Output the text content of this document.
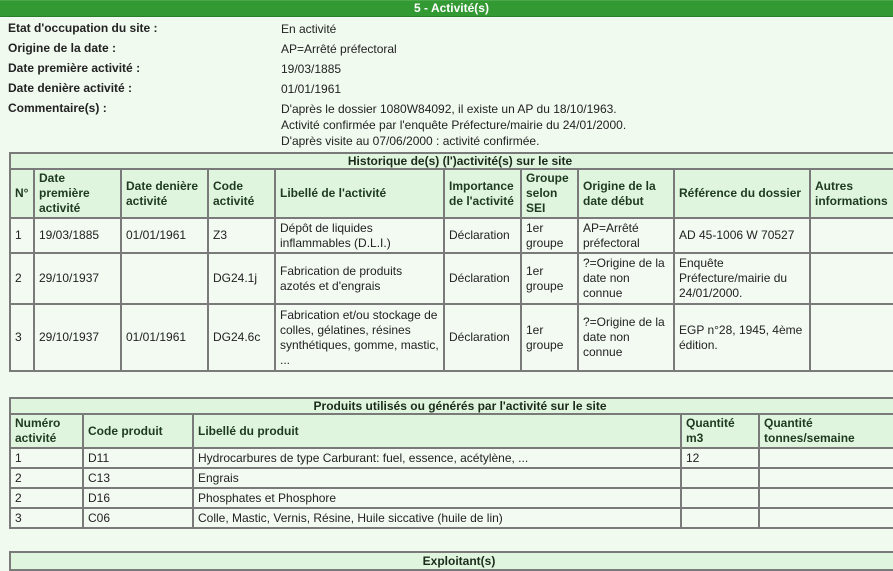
5 - Activité(s)
Etat d'occupation du site :	En activité
Origine de la date :	AP=Arrêté préfectoral
Date première activité :	19/03/1885
Date denière activité :	01/01/1961
Commentaire(s) :	D'après le dossier 1080W84092, il existe un AP du 18/10/1963.
Activité confirmée par l'enquête Préfecture/mairie du 24/01/2000.
D'après visite au 07/06/2000 : activité confirmée.
Historique de(s) (l')activité(s) sur le site									
N°	Date première activité	Date denière activité	Code activité	Libellé de l'activité	Importance de l'activité	Groupe selon SEI	Origine de la date début	Référence du dossier	Autres informations
1	19/03/1885	01/01/1961	Z3	Dépôt de liquides inflammables (D.L.I.)	Déclaration	1er groupe	AP=Arrêté préfectoral	AD 45-1006 W 70527	
2	29/10/1937		DG24.1j	Fabrication de produits azotés et d'engrais	Déclaration	1er groupe	?=Origine de la date non connue	Enquête Préfecture/mairie du 24/01/2000.	
3	29/10/1937	01/01/1961	DG24.6c	Fabrication et/ou stockage de colles, gélatines, résines synthétiques, gomme, mastic, ...	Déclaration	1er groupe	?=Origine de la date non connue	EGP n°28, 1945, 4ème édition.	
Produits utilisés ou générés par l'activité sur le site				
Numéro activité	Code produit	Libellé du produit	Quantité m3	Quantité tonnes/semaine
1	D11	Hydrocarbures de type Carburant: fuel, essence, acétylène, ...	12	
2	C13	Engrais		
2	D16	Phosphates et Phosphore		
3	C06	Colle, Mastic, Vernis, Résine, Huile siccative (huile de lin)		
Exploitant(s)
